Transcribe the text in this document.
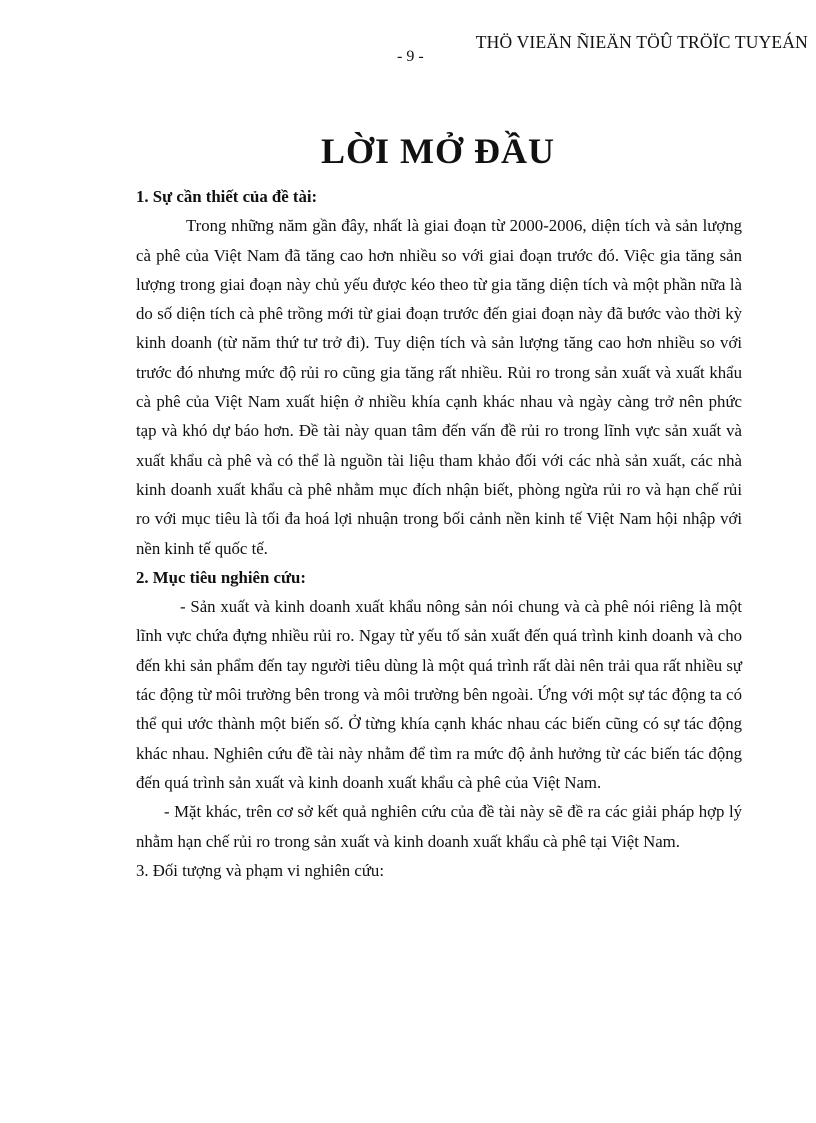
THÖ VIEÄN ÑIEÄN TÖÛ TRÖÏC TUYEÁN
- 9 -
LỜI MỞ ĐẦU

1. Sự cần thiết của đề tài:

Trong những năm gần đây, nhất là giai đoạn từ 2000-2006, diện tích và sản lượng cà phê của Việt Nam đã tăng cao hơn nhiều so với giai đoạn trước đó. Việc gia tăng sản lượng trong giai đoạn này chủ yếu được kéo theo từ gia tăng diện tích và một phần nữa là do số diện tích cà phê trồng mới từ giai đoạn trước đến giai đoạn này đã bước vào thời kỳ kinh doanh (từ năm thứ tư trở đi). Tuy diện tích và sản lượng tăng cao hơn nhiều so với trước đó nhưng mức độ rủi ro cũng gia tăng rất nhiều. Rủi ro trong sản xuất và xuất khẩu cà phê của Việt Nam xuất hiện ở nhiều khía cạnh khác nhau và ngày càng trở nên phức tạp và khó dự báo hơn. Đề tài này quan tâm đến vấn đề rủi ro trong lĩnh vực sản xuất và xuất khẩu cà phê và có thể là nguồn tài liệu tham khảo đối với các nhà sản xuất, các nhà kinh doanh xuất khẩu cà phê nhằm mục đích nhận biết, phòng ngừa rủi ro và hạn chế rủi ro với mục tiêu là tối đa hoá lợi nhuận trong bối cảnh nền kinh tế Việt Nam hội nhập với nền kinh tế quốc tế.

2. Mục tiêu nghiên cứu:

- Sản xuất và kinh doanh xuất khẩu nông sản nói chung và cà phê nói riêng là một lĩnh vực chứa đựng nhiều rủi ro. Ngay từ yếu tố sản xuất đến quá trình kinh doanh và cho đến khi sản phẩm đến tay người tiêu dùng là một quá trình rất dài nên trải qua rất nhiều sự tác động từ môi trường bên trong và môi trường bên ngoài. Ứng với một sự tác động ta có thể qui ước thành một biến số. Ở từng khía cạnh khác nhau các biến cũng có sự tác động khác nhau. Nghiên cứu đề tài này nhằm để tìm ra mức độ ảnh hưởng từ các biến tác động đến quá trình sản xuất và kinh doanh xuất khẩu cà phê của Việt Nam.

- Mặt khác, trên cơ sở kết quả nghiên cứu của đề tài này sẽ đề ra các giải pháp hợp lý nhằm hạn chế rủi ro trong sản xuất và kinh doanh xuất khẩu cà phê tại Việt Nam.

3. Đối tượng và phạm vi nghiên cứu:
